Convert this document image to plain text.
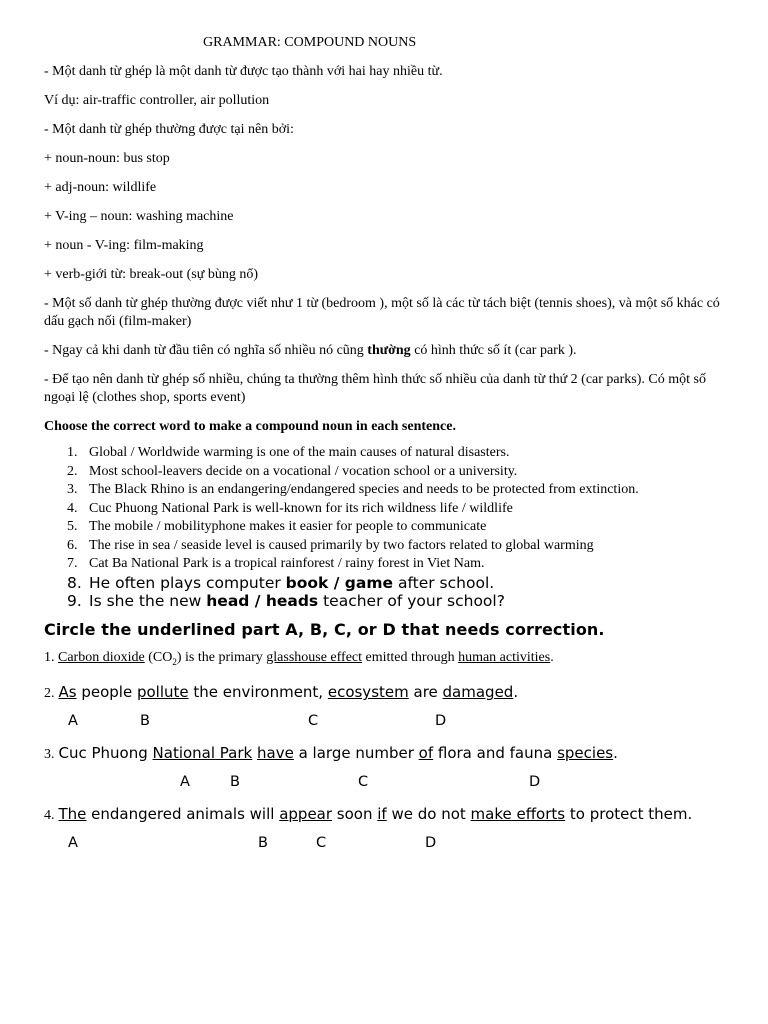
GRAMMAR: COMPOUND NOUNS

- Một danh từ ghép là một danh từ được tạo thành với hai hay nhiều từ.

Ví dụ: air-traffic controller, air pollution

- Một danh từ ghép thường được tại nên bởi:

+ noun-noun: bus stop

+ adj-noun: wildlife

+ V-ing – noun: washing machine

+ noun - V-ing: film-making

+ verb-giới từ: break-out (sự bùng nổ)

- Một số danh từ ghép thường được viết như 1 từ (bedroom ), một số là các từ tách biệt (tennis shoes), và một số khác có dấu gạch nối (film-maker)

- Ngay cả khi danh từ đầu tiên có nghĩa số nhiều nó cũng thường có hình thức số ít (car park ).

- Để tạo nên danh từ ghép số nhiều, chúng ta thường thêm hình thức số nhiều của danh từ thứ 2 (car parks). Có một số ngoại lệ (clothes shop, sports event)

Choose the correct word to make a compound noun in each sentence.

1. Global / Worldwide warming is one of the main causes of natural disasters.
2. Most school-leavers decide on a vocational / vocation school or a university.
3. The Black Rhino is an endangering/endangered species and needs to be protected from extinction.
4. Cuc Phuong National Park is well-known for its rich wildness life / wildlife
5. The mobile / mobilityphone makes it easier for people to communicate
6. The rise in sea / seaside level is caused primarily by two factors related to global warming
7. Cat Ba National Park is a tropical rainforest / rainy forest in Viet Nam.
8. He often plays computer book / game after school.
9. Is she the new head / heads teacher of your school?
Circle the underlined part A, B, C, or D that needs correction.

1. Carbon dioxide $(CO_2)$ is the primary glasshouse effect emitted through human activities.

2. As people pollute the environment, ecosystem are damaged.

A	B	C	D

3. Cuc Phuong National Park have a large number of flora and fauna species.

A	B	C	D

4. The endangered animals will appear soon if we do not make efforts to protect them.

A	B	C	D
